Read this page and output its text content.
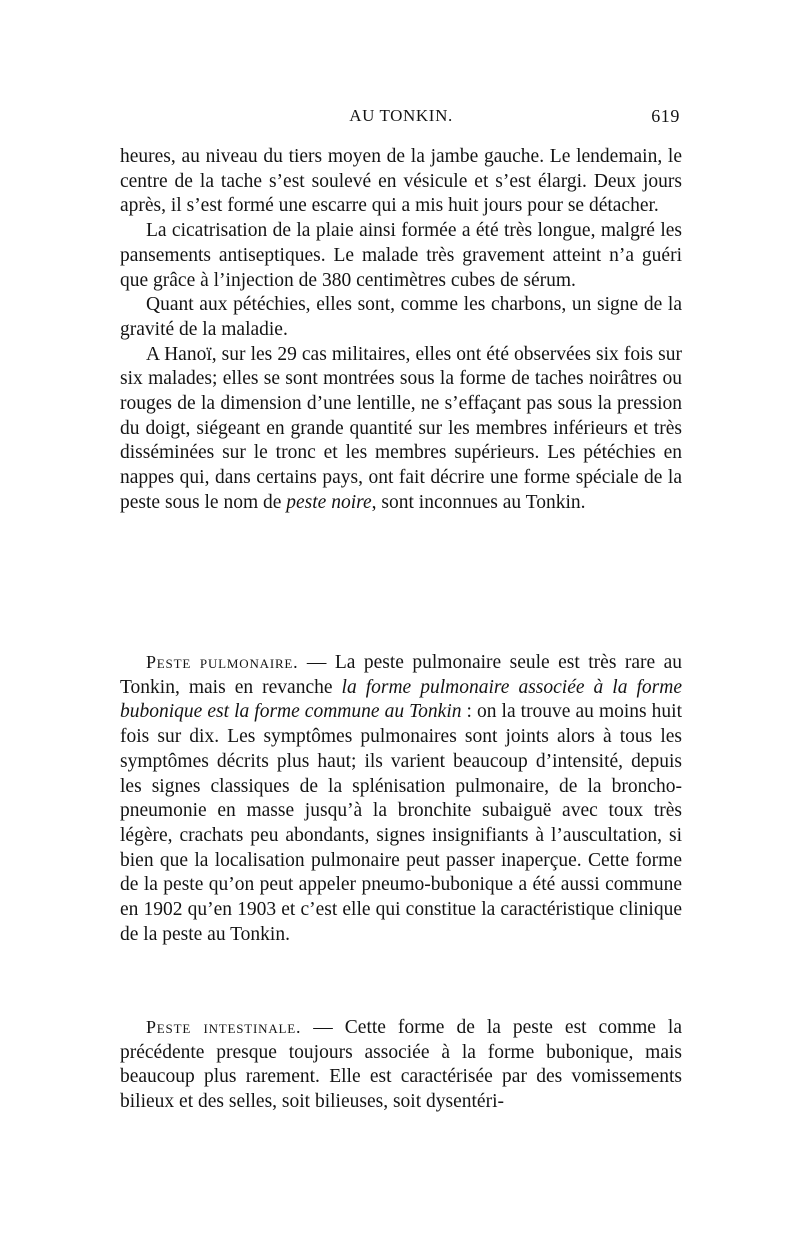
AU TONKIN.	619

heures, au niveau du tiers moyen de la jambe gauche. Le lendemain, le centre de la tache s’est soulevé en vésicule et s’est élargi. Deux jours après, il s’est formé une escarre qui a mis huit jours pour se détacher.

La cicatrisation de la plaie ainsi formée a été très longue, malgré les pansements antiseptiques. Le malade très gravement atteint n’a guéri que grâce à l’injection de 380 centimètres cubes de sérum.

Quant aux pétéchies, elles sont, comme les charbons, un signe de la gravité de la maladie.

A Hanoï, sur les 29 cas militaires, elles ont été observées six fois sur six malades; elles se sont montrées sous la forme de taches noirâtres ou rouges de la dimension d’une lentille, ne s’effaçant pas sous la pression du doigt, siégeant en grande quantité sur les membres inférieurs et très disséminées sur le tronc et les membres supérieurs. Les pétéchies en nappes qui, dans certains pays, ont fait décrire une forme spéciale de la peste sous le nom de peste noire, sont inconnues au Tonkin.

Peste pulmonaire. — La peste pulmonaire seule est très rare au Tonkin, mais en revanche la forme pulmonaire associée à la forme bubonique est la forme commune au Tonkin : on la trouve au moins huit fois sur dix. Les symptômes pulmonaires sont joints alors à tous les symptômes décrits plus haut; ils varient beaucoup d’intensité, depuis les signes classiques de la splénisation pulmonaire, de la broncho-pneumonie en masse jusqu’à la bronchite subaiguë avec toux très légère, crachats peu abondants, signes insignifiants à l’auscultation, si bien que la localisation pulmonaire peut passer inaperçue. Cette forme de la peste qu’on peut appeler pneumo-bubonique a été aussi commune en 1902 qu’en 1903 et c’est elle qui constitue la caractéristique clinique de la peste au Tonkin.

Peste intestinale. — Cette forme de la peste est comme la précédente presque toujours associée à la forme bubonique, mais beaucoup plus rarement. Elle est caractérisée par des vomissements bilieux et des selles, soit bilieuses, soit dysentéri-
